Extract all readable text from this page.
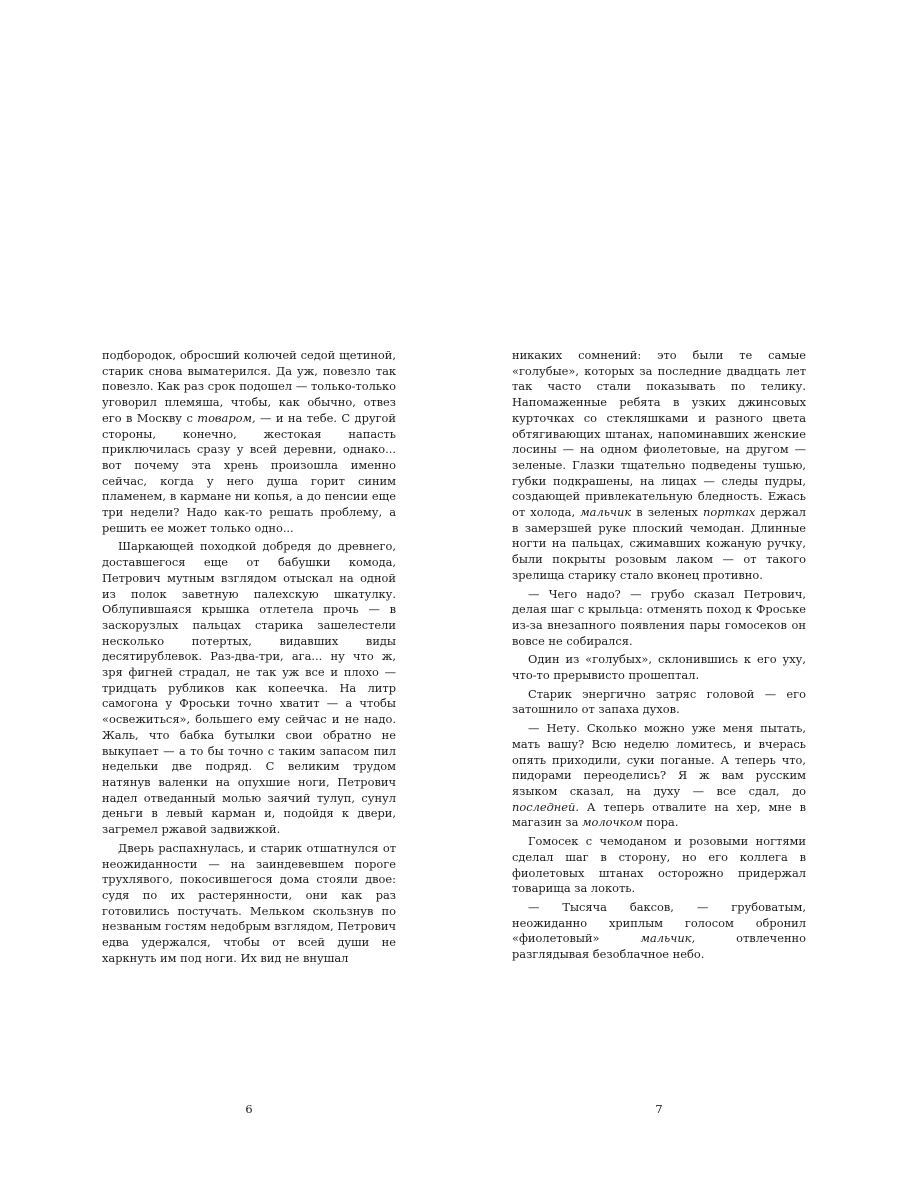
подбородок, обросший колючей седой щетиной, старик снова выматерился. Да уж, повезло так повезло. Как раз срок подошел — только-только уговорил племяша, чтобы, как обычно, отвез его в Москву с товаром, — и на тебе. С другой стороны, конечно, жестокая напасть приключилась сразу у всей деревни, однако... вот почему эта хрень произошла именно сейчас, когда у него душа горит синим пламенем, в кармане ни копья, а до пенсии еще три недели? Надо как-то решать проблему, а решить ее может только одно...

Шаркающей походкой добредя до древнего, доставшегося еще от бабушки комода, Петрович мутным взглядом отыскал на одной из полок заветную палехскую шкатулку. Облупившаяся крышка отлетела прочь — в заскорузлых пальцах старика зашелестели несколько потертых, видавших виды десятирублевок. Раз-два-три, ага... ну что ж, зря фигней страдал, не так уж все и плохо — тридцать рубликов как копеечка. На литр самогона у Фроськи точно хватит — а чтобы «освежиться», большего ему сейчас и не надо. Жаль, что бабка бутылки свои обратно не выкупает — а то бы точно с таким запасом пил недельки две подряд. С великим трудом натянув валенки на опухшие ноги, Петрович надел отведанный молью заячий тулуп, сунул деньги в левый карман и, подойдя к двери, загремел ржавой задвижкой.

Дверь распахнулась, и старик отшатнулся от неожиданности — на заиндевевшем пороге трухлявого, покосившегося дома стояли двое: судя по их растерянности, они как раз готовились постучать. Мельком скользнув по незваным гостям недобрым взглядом, Петрович едва удержался, чтобы от всей души не харкнуть им под ноги. Их вид не внушал

6

никаких сомнений: это были те самые «голубые», которых за последние двадцать лет так часто стали показывать по телику. Напомаженные ребята в узких джинсовых курточках со стекляшками и разного цвета обтягивающих штанах, напоминавших женские лосины — на одном фиолетовые, на другом — зеленые. Глазки тщательно подведены тушью, губки подкрашены, на лицах — следы пудры, создающей привлекательную бледность. Ежась от холода, мальчик в зеленых портках держал в замерзшей руке плоский чемодан. Длинные ногти на пальцах, сжимавших кожаную ручку, были покрыты розовым лаком — от такого зрелища старику стало вконец противно.

— Чего надо? — грубо сказал Петрович, делая шаг с крыльца: отменять поход к Фроське из-за внезапного появления пары гомосеков он вовсе не собирался.

Один из «голубых», склонившись к его уху, что-то прерывисто прошептал.

Старик энергично затряс головой — его затошнило от запаха духов.

— Нету. Сколько можно уже меня пытать, мать вашу? Всю неделю ломитесь, и вчерась опять приходили, суки поганые. А теперь что, пидорами переоделись? Я ж вам русским языком сказал, на духу — все сдал, до последней. А теперь отвалите на хер, мне в магазин за молочком пора.

Гомосек с чемоданом и розовыми ногтями сделал шаг в сторону, но его коллега в фиолетовых штанах осторожно придержал товарища за локоть.

— Тысяча баксов, — грубоватым, неожиданно хриплым голосом обронил «фиолетовый» мальчик, отвлеченно разглядывая безоблачное небо.

7
